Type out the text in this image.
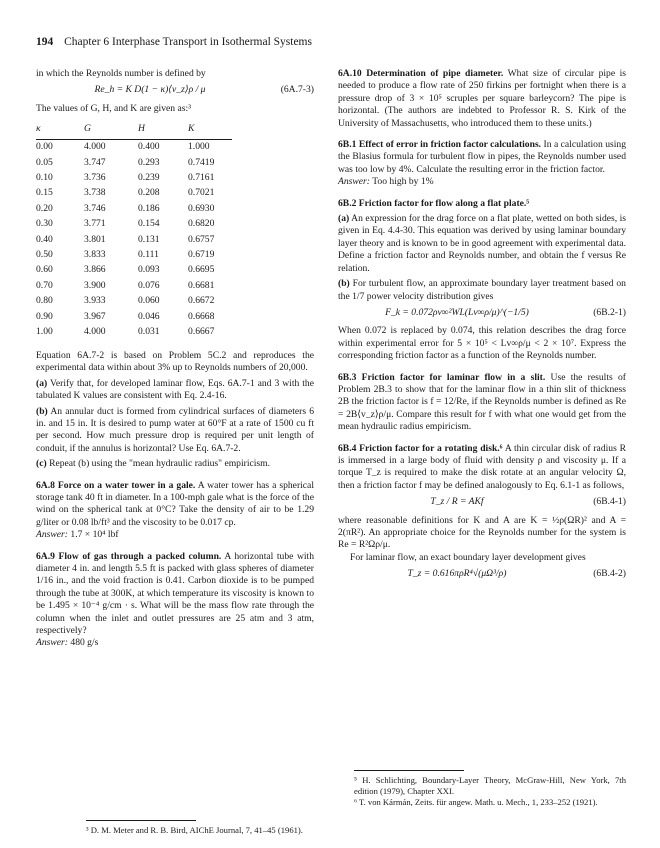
194 Chapter 6 Interphase Transport in Isothermal Systems

in which the Reynolds number is defined by

Re_h = K D(1 − κ)⟨v_z⟩ρ / μ	(6A.7-3)

The values of G, H, and K are given as:³

κ	G	H	K
0.00	4.000	0.400	1.000
0.05	3.747	0.293	0.7419
0.10	3.736	0.239	0.7161
0.15	3.738	0.208	0.7021
0.20	3.746	0.186	0.6930
0.30	3.771	0.154	0.6820
0.40	3.801	0.131	0.6757
0.50	3.833	0.111	0.6719
0.60	3.866	0.093	0.6695
0.70	3.900	0.076	0.6681
0.80	3.933	0.060	0.6672
0.90	3.967	0.046	0.6668
1.00	4.000	0.031	0.6667

Equation 6A.7-2 is based on Problem 5C.2 and reproduces the experimental data within about 3% up to Reynolds numbers of 20,000.

(a) Verify that, for developed laminar flow, Eqs. 6A.7-1 and 3 with the tabulated K values are consistent with Eq. 2.4-16.

(b) An annular duct is formed from cylindrical surfaces of diameters 6 in. and 15 in. It is desired to pump water at 60°F at a rate of 1500 cu ft per second. How much pressure drop is required per unit length of conduit, if the annulus is horizontal? Use Eq. 6A.7-2.

(c) Repeat (b) using the "mean hydraulic radius" empiricism.

6A.8 Force on a water tower in a gale. A water tower has a spherical storage tank 40 ft in diameter. In a 100-mph gale what is the force of the wind on the spherical tank at 0°C? Take the density of air to be 1.29 g/liter or 0.08 lb/ft³ and the viscosity to be 0.017 cp.

Answer: 1.7 × 10⁴ lbf

6A.9 Flow of gas through a packed column. A horizontal tube with diameter 4 in. and length 5.5 ft is packed with glass spheres of diameter 1/16 in., and the void fraction is 0.41. Carbon dioxide is to be pumped through the tube at 300K, at which temperature its viscosity is known to be 1.495 × 10⁻⁴ g/cm · s. What will be the mass flow rate through the column when the inlet and outlet pressures are 25 atm and 3 atm, respectively?

Answer: 480 g/s

³ D. M. Meter and R. B. Bird, AIChE Journal, 7, 41–45 (1961).

6A.10 Determination of pipe diameter. What size of circular pipe is needed to produce a flow rate of 250 firkins per fortnight when there is a pressure drop of 3 × 10⁵ scruples per square barleycorn? The pipe is horizontal. (The authors are indebted to Professor R. S. Kirk of the University of Massachusetts, who introduced them to these units.)

6B.1 Effect of error in friction factor calculations. In a calculation using the Blasius formula for turbulent flow in pipes, the Reynolds number used was too low by 4%. Calculate the resulting error in the friction factor.

Answer: Too high by 1%

6B.2 Friction factor for flow along a flat plate.⁵

(a) An expression for the drag force on a flat plate, wetted on both sides, is given in Eq. 4.4-30. This equation was derived by using laminar boundary layer theory and is known to be in good agreement with experimental data. Define a friction factor and Reynolds number, and obtain the f versus Re relation.

(b) For turbulent flow, an approximate boundary layer treatment based on the 1/7 power velocity distribution gives

F_k = 0.072ρv∞²WL(Lv∞ρ/μ)^(−1/5)	(6B.2-1)

When 0.072 is replaced by 0.074, this relation describes the drag force within experimental error for 5 × 10⁵ < Lv∞ρ/μ < 2 × 10⁷. Express the corresponding friction factor as a function of the Reynolds number.

6B.3 Friction factor for laminar flow in a slit. Use the results of Problem 2B.3 to show that for the laminar flow in a thin slit of thickness 2B the friction factor is f = 12/Re, if the Reynolds number is defined as Re = 2B⟨v_z⟩ρ/μ. Compare this result for f with what one would get from the mean hydraulic radius empiricism.

6B.4 Friction factor for a rotating disk.⁶ A thin circular disk of radius R is immersed in a large body of fluid with density ρ and viscosity μ. If a torque T_z is required to make the disk rotate at an angular velocity Ω, then a friction factor f may be defined analogously to Eq. 6.1-1 as follows,

T_z / R = AKf	(6B.4-1)

where reasonable definitions for K and A are K = ½ρ(ΩR)² and A = 2(πR²). An appropriate choice for the Reynolds number for the system is Re = R²Ωρ/μ.

For laminar flow, an exact boundary layer development gives

T_z = 0.616πρR⁴√(μΩ³/ρ)	(6B.4-2)

⁵ H. Schlichting, Boundary-Layer Theory, McGraw-Hill, New York, 7th edition (1979), Chapter XXI.

⁶ T. von Kármán, Zeits. für angew. Math. u. Mech., 1, 233–252 (1921).
